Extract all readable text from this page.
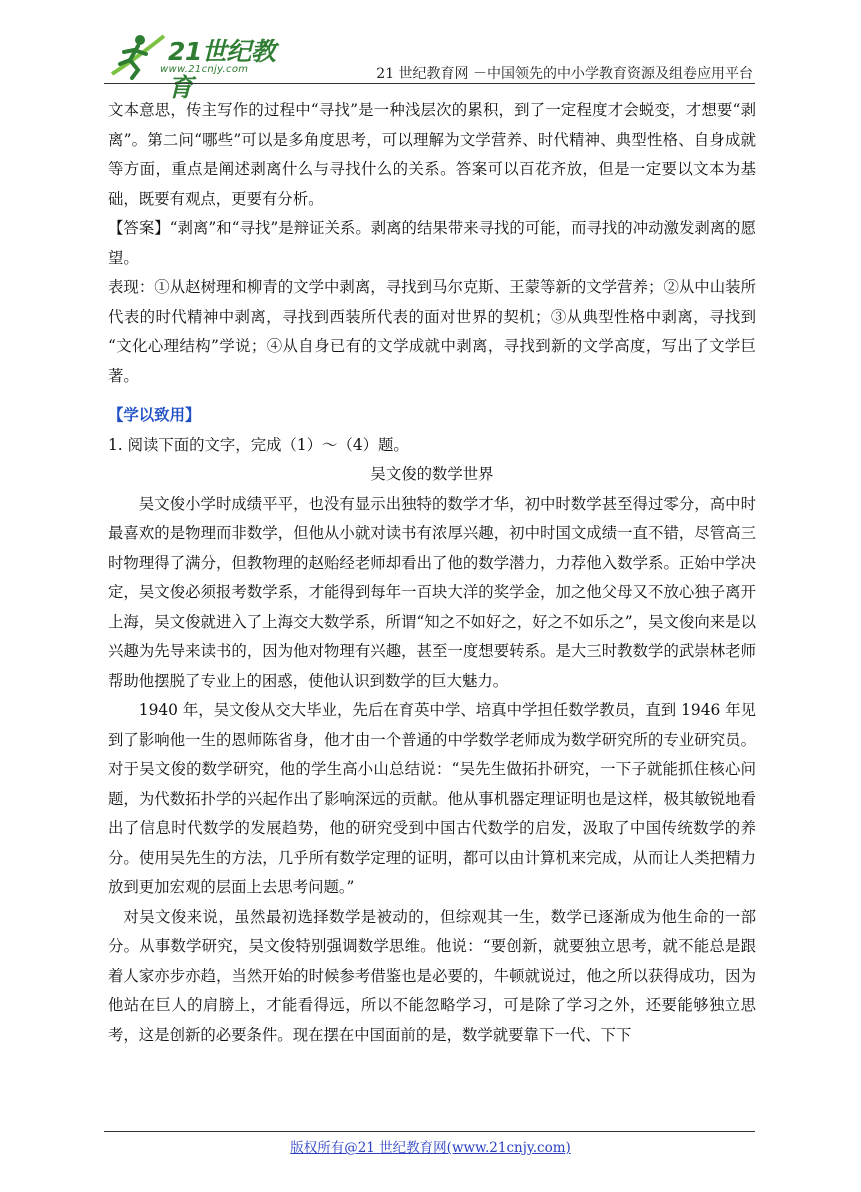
21世纪教育
www.21cnjy.com	21 世纪教育网 －中国领先的中小学教育资源及组卷应用平台

文本意思，传主写作的过程中“寻找”是一种浅层次的累积，到了一定程度才会蜕变，才想要“剥离”。第二问“哪些”可以是多角度思考，可以理解为文学营养、时代精神、典型性格、自身成就等方面，重点是阐述剥离什么与寻找什么的关系。答案可以百花齐放，但是一定要以文本为基础，既要有观点，更要有分析。

【答案】“剥离”和“寻找”是辩证关系。剥离的结果带来寻找的可能，而寻找的冲动激发剥离的愿望。

表现：①从赵树理和柳青的文学中剥离，寻找到马尔克斯、王蒙等新的文学营养；②从中山装所代表的时代精神中剥离，寻找到西装所代表的面对世界的契机；③从典型性格中剥离，寻找到 “文化心理结构”学说；④从自身已有的文学成就中剥离，寻找到新的文学高度，写出了文学巨著。

【学以致用】

1. 阅读下面的文字，完成（1）～（4）题。

吴文俊的数学世界

吴文俊小学时成绩平平，也没有显示出独特的数学才华，初中时数学甚至得过零分，高中时最喜欢的是物理而非数学，但他从小就对读书有浓厚兴趣，初中时国文成绩一直不错，尽管高三时物理得了满分，但教物理的赵贻经老师却看出了他的数学潜力，力荐他入数学系。正始中学决定，吴文俊必须报考数学系，才能得到每年一百块大洋的奖学金，加之他父母又不放心独子离开上海，吴文俊就进入了上海交大数学系，所谓“知之不如好之，好之不如乐之”，吴文俊向来是以兴趣为先导来读书的，因为他对物理有兴趣，甚至一度想要转系。是大三时教数学的武崇林老师帮助他摆脱了专业上的困惑，使他认识到数学的巨大魅力。

1940 年，吴文俊从交大毕业，先后在育英中学、培真中学担任数学教员，直到 1946 年见到了影响他一生的恩师陈省身，他才由一个普通的中学数学老师成为数学研究所的专业研究员。对于吴文俊的数学研究，他的学生高小山总结说：“吴先生做拓扑研究，一下子就能抓住核心问题，为代数拓扑学的兴起作出了影响深远的贡献。他从事机器定理证明也是这样，极其敏锐地看出了信息时代数学的发展趋势，他的研究受到中国古代数学的启发，汲取了中国传统数学的养分。使用吴先生的方法，几乎所有数学定理的证明，都可以由计算机来完成，从而让人类把精力放到更加宏观的层面上去思考问题。”

对吴文俊来说，虽然最初选择数学是被动的，但综观其一生，数学已逐渐成为他生命的一部分。从事数学研究，吴文俊特别强调数学思维。他说：“要创新，就要独立思考，就不能总是跟着人家亦步亦趋，当然开始的时候参考借鉴也是必要的，牛顿就说过，他之所以获得成功，因为他站在巨人的肩膀上，才能看得远，所以不能忽略学习，可是除了学习之外，还要能够独立思考，这是创新的必要条件。现在摆在中国面前的是，数学就要靠下一代、下下

版权所有@21 世纪教育网(www.21cnjy.com)
